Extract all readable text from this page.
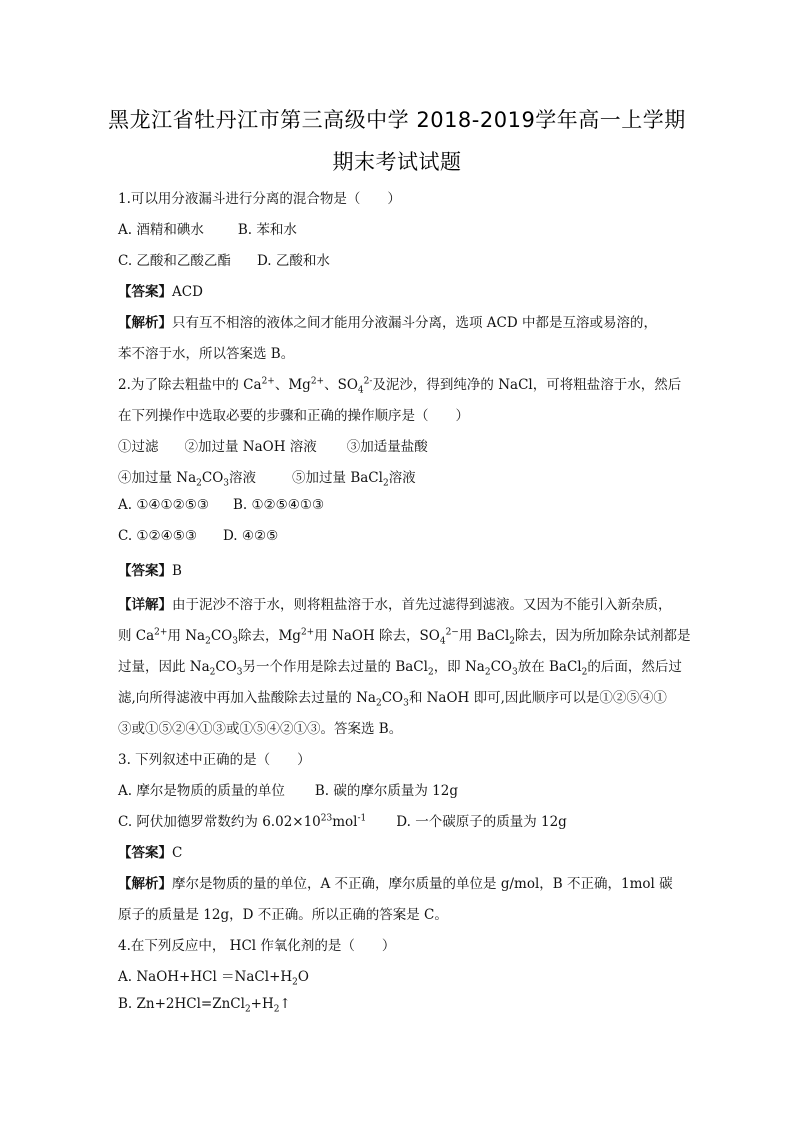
黑龙江省牡丹江市第三高级中学 2018-2019学年高一上学期
期末考试试题
1.可以用分液漏斗进行分离的混合物是（　　）
A. 酒精和碘水	B. 苯和水
C. 乙酸和乙酸乙酯 D. 乙酸和水
【答案】ACD
【解析】只有互不相溶的液体之间才能用分液漏斗分离，选项 ACD 中都是互溶或易溶的，
苯不溶于水，所以答案选 B。
2.为了除去粗盐中的 $Ca^{2+}$、$Mg^{2+}$、$SO_4^{2-}$及泥沙，得到纯净的 NaCl，可将粗盐溶于水，然后
在下列操作中选取必要的步骤和正确的操作顺序是（　　）
①过滤 ②加过量 NaOH 溶液 ③加适量盐酸
④加过量 $Na_2CO_3$溶液	⑤加过量 BaCl$_2$溶液
A. ①④①②⑤③ B. ①②⑤④①③
C. ①②④⑤③ D. ④②⑤
【答案】B
【详解】由于泥沙不溶于水，则将粗盐溶于水，首先过滤得到滤液。又因为不能引入新杂质，
则 $Ca^{2+}$用 $Na_2CO_3$除去，$Mg^{2+}$用 NaOH 除去，$SO_4^{2-}$用 BaCl$_2$除去，因为所加除杂试剂都是
过量，因此 $Na_2CO_3$另一个作用是除去过量的 BaCl$_2$，即 $Na_2CO_3$放在 BaCl$_2$的后面，然后过
滤,向所得滤液中再加入盐酸除去过量的 $Na_2CO_3$和 NaOH 即可,因此顺序可以是①②⑤④①
③或①⑤②④①③或①⑤④②①③。答案选 B。
3. 下列叙述中正确的是（　　）
A. 摩尔是物质的质量的单位 B. 碳的摩尔质量为 12g
C. 阿伏加德罗常数约为 $6.02\times 10^{23}mol^{-1}$ D. 一个碳原子的质量为 12g
【答案】C
【解析】摩尔是物质的量的单位，A 不正确，摩尔质量的单位是 g/mol，B 不正确，1mol 碳
原子的质量是 12g，D 不正确。所以正确的答案是 C。
4.在下列反应中， HCl 作氧化剂的是（　　）
A. NaOH+HCl $=NaCl+H_2O$
B. $Zn+2HCl=ZnCl_2+H_2↑$
